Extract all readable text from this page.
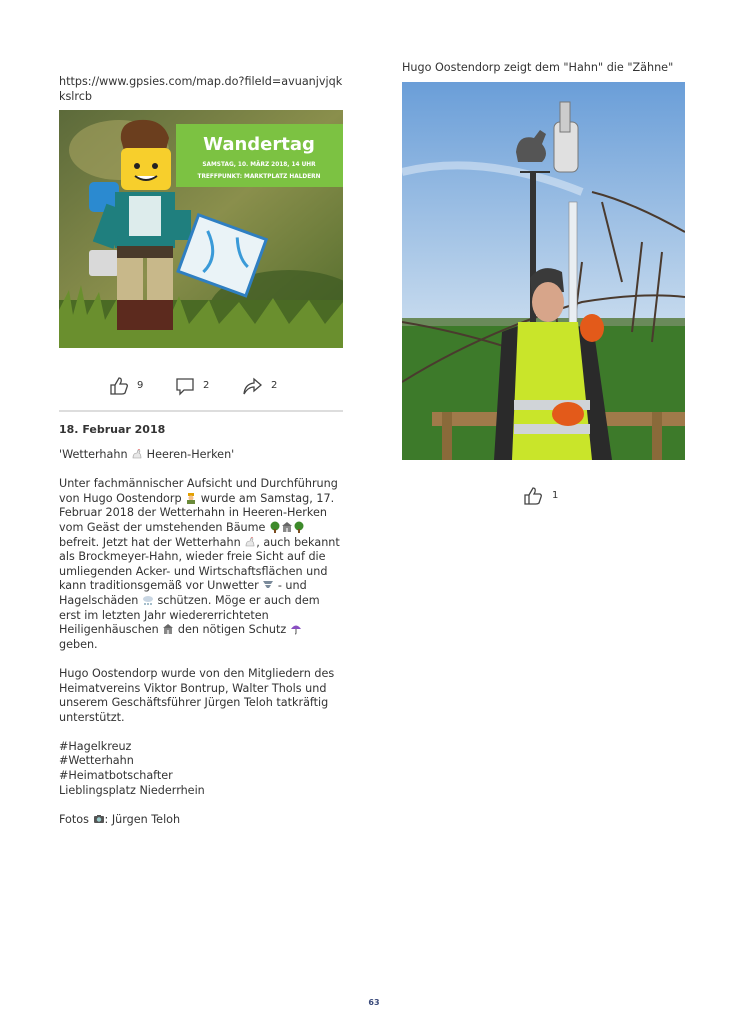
https://www.gpsies.com/map.do?fileId=avuanjvjqkkslrcb
Wandertag
SAMSTAG, 10. MÄRZ 2018, 14 UHR
TREFFPUNKT: MARKTPLATZ HALDERN
9	2	2
18. Februar 2018

'Wetterhahn  Heeren-Herken'

Unter fachmännischer Aufsicht und Durchführung
von Hugo Oostendorp  wurde am Samstag, 17.
Februar 2018 der Wetterhahn in Heeren-Herken
vom Geäst der umstehenden Bäume
befreit. Jetzt hat der Wetterhahn , auch bekannt
als Brockmeyer-Hahn, wieder freie Sicht auf die
umliegenden Acker- und Wirtschaftsflächen und
kann traditionsgemäß vor Unwetter  - und
Hagelschäden  schützen. Möge er auch dem
erst im letzten Jahr wiedererrichteten
Heiligenhäuschen  den nötigen Schutz
geben.

Hugo Oostendorp wurde von den Mitgliedern des
Heimatvereins Viktor Bontrup, Walter Thols und
unserem Geschäftsführer Jürgen Teloh tatkräftig
unterstützt.

#Hagelkreuz
#Wetterhahn
#Heimatbotschafter
Lieblingsplatz Niederrhein

Fotos : Jürgen Teloh

Hugo Oostendorp zeigt dem "Hahn" die "Zähne"
1
63
